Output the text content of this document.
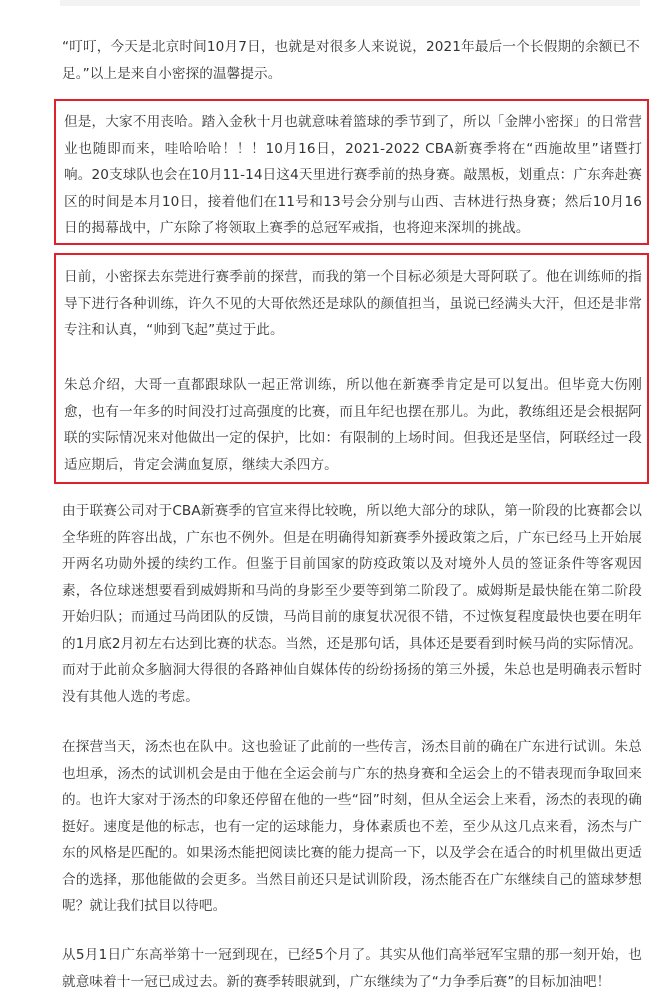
“叮叮，今天是北京时间10月7日，也就是对很多人来说说，2021年最后一个长假期的余额已不足。”以上是来自小密探的温馨提示。

但是，大家不用丧哈。踏入金秋十月也就意味着篮球的季节到了，所以「金牌小密探」的日常营业也随即而来，哇哈哈哈！！！10月16日，2021-2022 CBA新赛季将在“西施故里”诸暨打响。20支球队也会在10月11-14日这4天里进行赛季前的热身赛。敲黑板，划重点：广东奔赴赛区的时间是本月10日，接着他们在11号和13号会分别与山西、吉林进行热身赛；然后10月16日的揭幕战中，广东除了将领取上赛季的总冠军戒指，也将迎来深圳的挑战。

日前，小密探去东莞进行赛季前的探营，而我的第一个目标必须是大哥阿联了。他在训练师的指导下进行各种训练，许久不见的大哥依然还是球队的颜值担当，虽说已经满头大汗，但还是非常专注和认真，“帅到飞起”莫过于此。

朱总介绍，大哥一直都跟球队一起正常训练，所以他在新赛季肯定是可以复出。但毕竟大伤刚愈，也有一年多的时间没打过高强度的比赛，而且年纪也摆在那儿。为此，教练组还是会根据阿联的实际情况来对他做出一定的保护，比如：有限制的上场时间。但我还是坚信，阿联经过一段适应期后，肯定会满血复原，继续大杀四方。

由于联赛公司对于CBA新赛季的官宣来得比较晚，所以绝大部分的球队，第一阶段的比赛都会以全华班的阵容出战，广东也不例外。但是在明确得知新赛季外援政策之后，广东已经马上开始展开两名功勋外援的续约工作。但鉴于目前国家的防疫政策以及对境外人员的签证条件等客观因素，各位球迷想要看到威姆斯和马尚的身影至少要等到第二阶段了。威姆斯是最快能在第二阶段开始归队；而通过马尚团队的反馈，马尚目前的康复状况很不错，不过恢复程度最快也要在明年的1月底2月初左右达到比赛的状态。当然，还是那句话，具体还是要看到时候马尚的实际情况。而对于此前众多脑洞大得很的各路神仙自媒体传的纷纷扬扬的第三外援，朱总也是明确表示暂时没有其他人选的考虑。

在探营当天，汤杰也在队中。这也验证了此前的一些传言，汤杰目前的确在广东进行试训。朱总也坦承，汤杰的试训机会是由于他在全运会前与广东的热身赛和全运会上的不错表现而争取回来的。也许大家对于汤杰的印象还停留在他的一些“囧”时刻，但从全运会上来看，汤杰的表现的确挺好。速度是他的标志，也有一定的运球能力，身体素质也不差，至少从这几点来看，汤杰与广东的风格是匹配的。如果汤杰能把阅读比赛的能力提高一下，以及学会在适合的时机里做出更适合的选择，那他能做的会更多。当然目前还只是试训阶段，汤杰能否在广东继续自己的篮球梦想呢？就让我们拭目以待吧。

从5月1日广东高举第十一冠到现在，已经5个月了。其实从他们高举冠军宝鼎的那一刻开始，也就意味着十一冠已成过去。新的赛季转眼就到，广东继续为了“力争季后赛”的目标加油吧！
